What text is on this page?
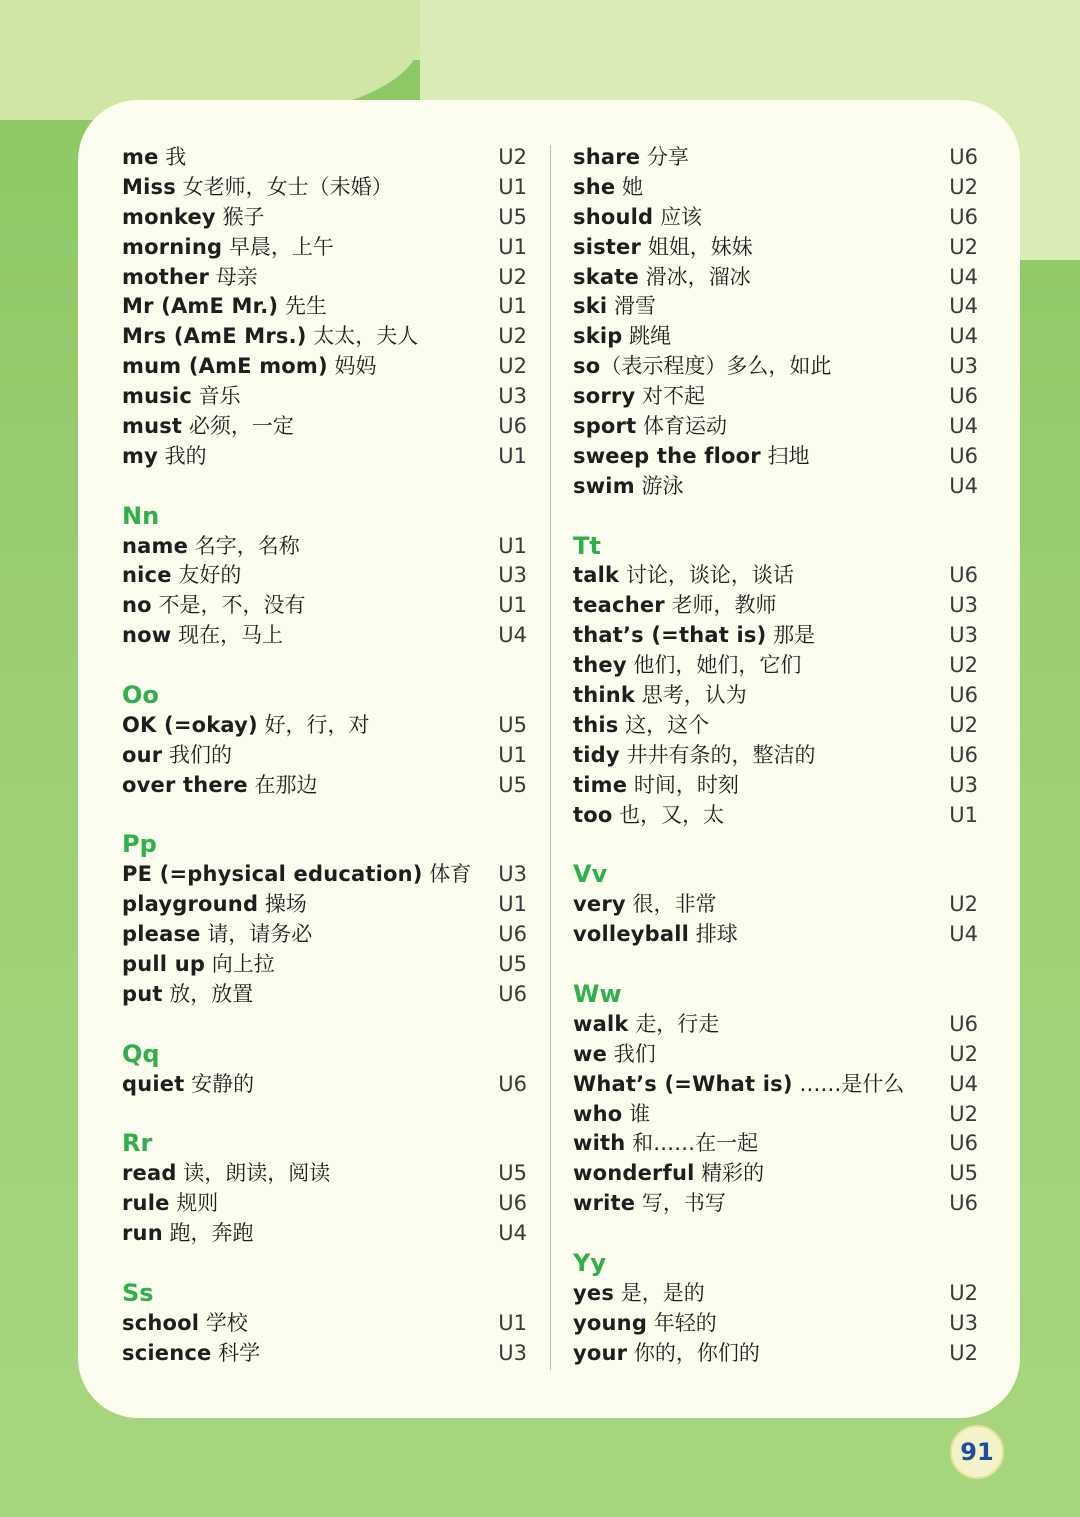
me 我	U2
Miss 女老师，女士（未婚）	U1
monkey 猴子	U5
morning 早晨，上午	U1
mother 母亲	U2
Mr (AmE Mr.) 先生	U1
Mrs (AmE Mrs.) 太太，夫人	U2
mum (AmE mom) 妈妈	U2
music 音乐	U3
must 必须，一定	U6
my 我的	U1
Nn
name 名字，名称	U1
nice 友好的	U3
no 不是，不，没有	U1
now 现在，马上	U4
Oo
OK (=okay) 好，行，对	U5
our 我们的	U1
over there 在那边	U5
Pp
PE (=physical education) 体育 U3
playground 操场	U1
please 请，请务必	U6
pull up 向上拉	U5
put 放，放置	U6
Qq
quiet 安静的	U6
Rr
read 读，朗读，阅读	U5
rule 规则	U6
run 跑，奔跑	U4
Ss
school 学校	U1
science 科学	U3
share 分享	U6
she 她	U2
should 应该	U6
sister 姐姐，妹妹	U2
skate 滑冰，溜冰	U4
ski 滑雪	U4
skip 跳绳	U4
so（表示程度）多么，如此	U3
sorry 对不起	U6
sport 体育运动	U4
sweep the floor 扫地	U6
swim 游泳	U4
Tt
talk 讨论，谈论，谈话	U6
teacher 老师，教师	U3
that’s (=that is) 那是	U3
they 他们，她们，它们	U2
think 思考，认为	U6
this 这，这个	U2
tidy 井井有条的，整洁的	U6
time 时间，时刻	U3
too 也，又，太	U1
Vv
very 很，非常	U2
volleyball 排球	U4
Ww
walk 走，行走	U6
we 我们	U2
What’s (=What is) ……是什么 U4
who 谁	U2
with 和……在一起	U6
wonderful 精彩的	U5
write 写，书写	U6
Yy
yes 是，是的	U2
young 年轻的	U3
your 你的，你们的	U2
91
